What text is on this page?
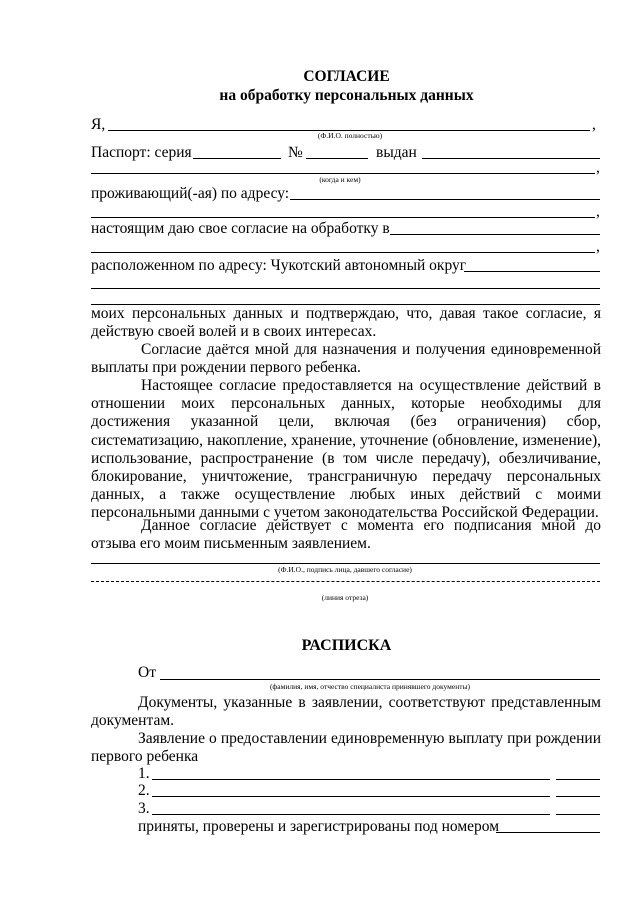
СОГЛАСИЕ
на обработку персональных данных
Я,	,
(Ф.И.О. полностью)
Паспорт: серия	№	выдан
,
(когда и кем)
проживающий(-ая) по адресу:
,
настоящим даю свое согласие на обработку в
,
расположенном по адресу: Чукотский автономный округ
моих персональных данных и подтверждаю, что, давая такое согласие, я действую своей волей и в своих интересах.
Согласие даётся мной для назначения и получения единовременной выплаты при рождении первого ребенка.
Настоящее согласие предоставляется на осуществление действий в отношении моих персональных данных, которые необходимы для достижения указанной цели, включая (без ограничения) сбор, систематизацию, накопление, хранение, уточнение (обновление, изменение), использование, распространение (в том числе передачу), обезличивание, блокирование, уничтожение, трансграничную передачу персональных данных, а также осуществление любых иных действий с моими персональными данными с учетом законодательства Российской Федерации.
Данное согласие действует с момента его подписания мной до отзыва его моим письменным заявлением.
(Ф.И.О., подпись лица, давшего согласие)
(линия отреза)
РАСПИСКА
От
(фамилия, имя, отчество специалиста принявшего документы)
Документы, указанные в заявлении, соответствуют представленным документам.
Заявление о предоставлении единовременную выплату при рождении первого ребенка
1.
2.
3.
приняты, проверены и зарегистрированы под номером
